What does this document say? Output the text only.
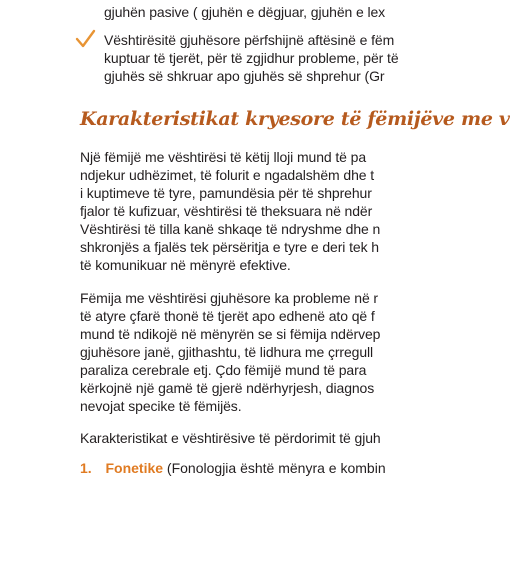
gjuhën pasive ( gjuhën e dëgjuar, gjuhën e lex
Vështirësitë gjuhësore përfshijnë aftësinë e fëm
kuptuar të tjerët, për të zgjidhur probleme, për të
gjuhës së shkruar apo gjuhës së shprehur (Gr
Karakteristikat kryesore të fëmijëve me v
Një fëmijë me vështirësi të këtij lloji mund të pa
ndjekur udhëzimet, të folurit e ngadalshëm dhe t
i kuptimeve të tyre, pamundësia për të shprehur
fjalor të kufizuar, vështirësi të theksuara në ndër
Vështirësi të tilla kanë shkaqe të ndryshme dhe n
shkronjës a fjalës tek përsëritja e tyre e deri tek h
të komunikuar në mënyrë efektive.
Fëmija me vështirësi gjuhësore ka probleme në r
të atyre çfarë thonë të tjerët apo edhenë ato që f
mund të ndikojë në mënyrën se si fëmija ndërvep
gjuhësore janë, gjithashtu, të lidhura me çrregull
paraliza cerebrale etj. Çdo fëmijë mund të para
kërkojnë një gamë të gjerë ndërhyrjesh, diagnos
nevojat specike të fëmijës.
Karakteristikat e vështirësive të përdorimit të gjuh
1. Fonetike (Fonologjia është mënyra e kombin
